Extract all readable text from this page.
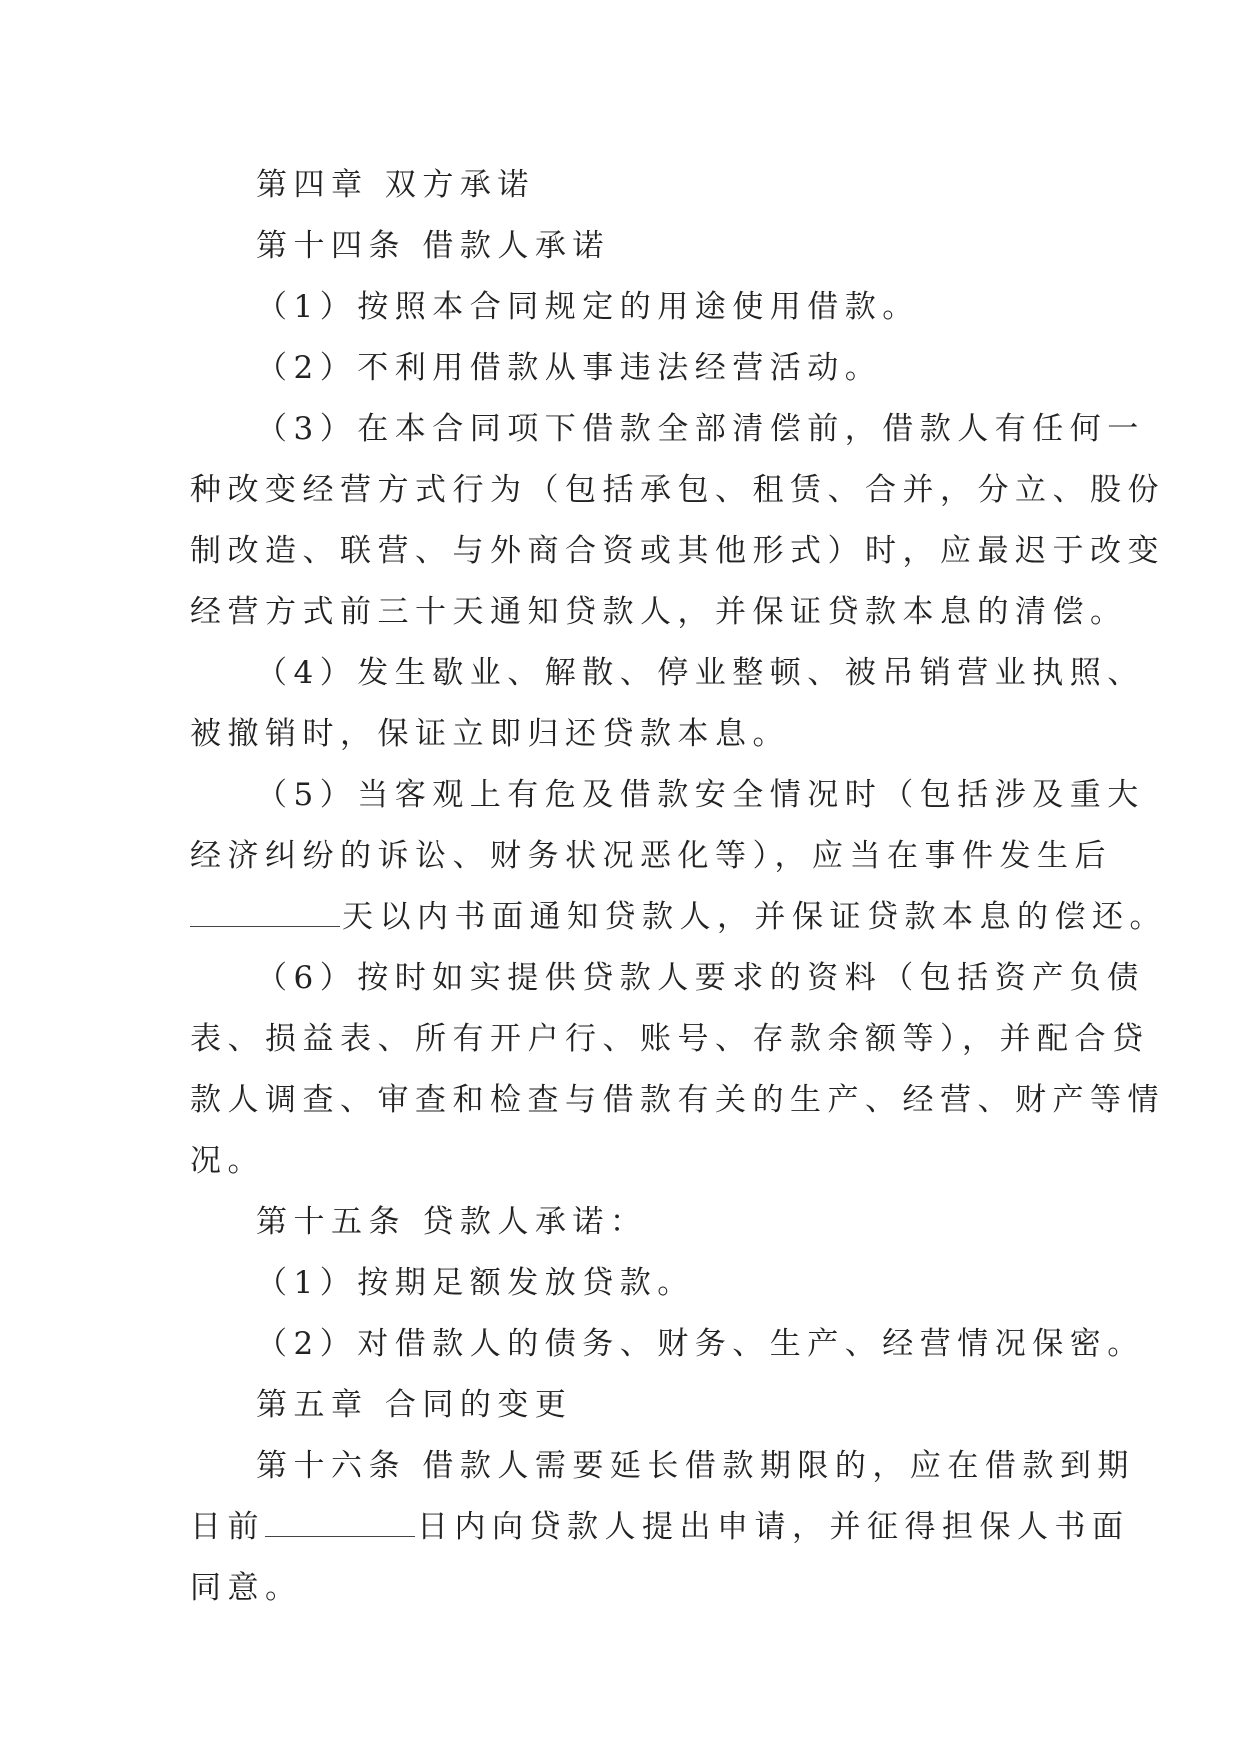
第四章 双方承诺
第十四条 借款人承诺
（1）按照本合同规定的用途使用借款。
（2）不利用借款从事违法经营活动。
（3）在本合同项下借款全部清偿前，借款人有任何一
种改变经营方式行为（包括承包、租赁、合并，分立、股份
制改造、联营、与外商合资或其他形式）时，应最迟于改变
经营方式前三十天通知贷款人，并保证贷款本息的清偿。
（4）发生歇业、解散、停业整顿、被吊销营业执照、
被撤销时，保证立即归还贷款本息。
（5）当客观上有危及借款安全情况时（包括涉及重大
经济纠纷的诉讼、财务状况恶化等），应当在事件发生后
天以内书面通知贷款人，并保证贷款本息的偿还。
（6）按时如实提供贷款人要求的资料（包括资产负债
表、损益表、所有开户行、账号、存款余额等），并配合贷
款人调查、审查和检查与借款有关的生产、经营、财产等情
况。
第十五条 贷款人承诺：
（1）按期足额发放贷款。
（2）对借款人的债务、财务、生产、经营情况保密。
第五章 合同的变更
第十六条 借款人需要延长借款期限的，应在借款到期
日前	日内向贷款人提出申请，并征得担保人书面
同意。
